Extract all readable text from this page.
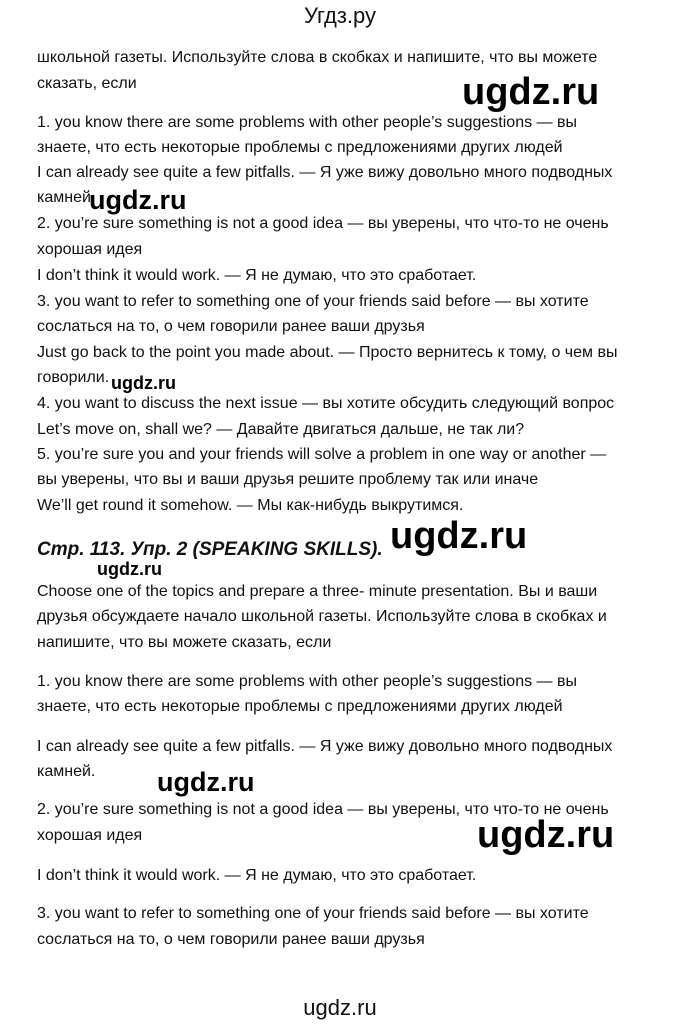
Угдз.ру
школьной газеты. Используйте слова в скобках и напишите, что вы можете
сказать, если
1. you know there are some problems with other people’s suggestions — вы
знаете, что есть некоторые проблемы с предложениями других людей
I can already see quite a few pitfalls. — Я уже вижу довольно много подводных
камней.
2. you’re sure something is not a good idea — вы уверены, что что-то не очень
хорошая идея
I don’t think it would work. — Я не думаю, что это сработает.
3. you want to refer to something one of your friends said before — вы хотите
сослаться на то, о чем говорили ранее ваши друзья
Just go back to the point you made about. — Просто вернитесь к тому, о чем вы
говорили.
4. you want to discuss the next issue — вы хотите обсудить следующий вопрос
Let’s move on, shall we? — Давайте двигаться дальше, не так ли?
5. you’re sure you and your friends will solve a problem in one way or another —
вы уверены, что вы и ваши друзья решите проблему так или иначе
We’ll get round it somehow. — Мы как-нибудь выкрутимся.
Стр. 113. Упр. 2 (SPEAKING SKILLS).
Choose one of the topics and prepare a three- minute presentation. Вы и ваши
друзья обсуждаете начало школьной газеты. Используйте слова в скобках и
напишите, что вы можете сказать, если
1. you know there are some problems with other people’s suggestions — вы
знаете, что есть некоторые проблемы с предложениями других людей
I can already see quite a few pitfalls. — Я уже вижу довольно много подводных
камней.
2. you’re sure something is not a good idea — вы уверены, что что-то не очень
хорошая идея
I don’t think it would work. — Я не думаю, что это сработает.
3. you want to refer to something one of your friends said before — вы хотите
сослаться на то, о чем говорили ранее ваши друзья
ugdz.ru
ugdz.ru
ugdz.ru
ugdz.ru
ugdz.ru
ugdz.ru
ugdz.ru
ugdz.ru
